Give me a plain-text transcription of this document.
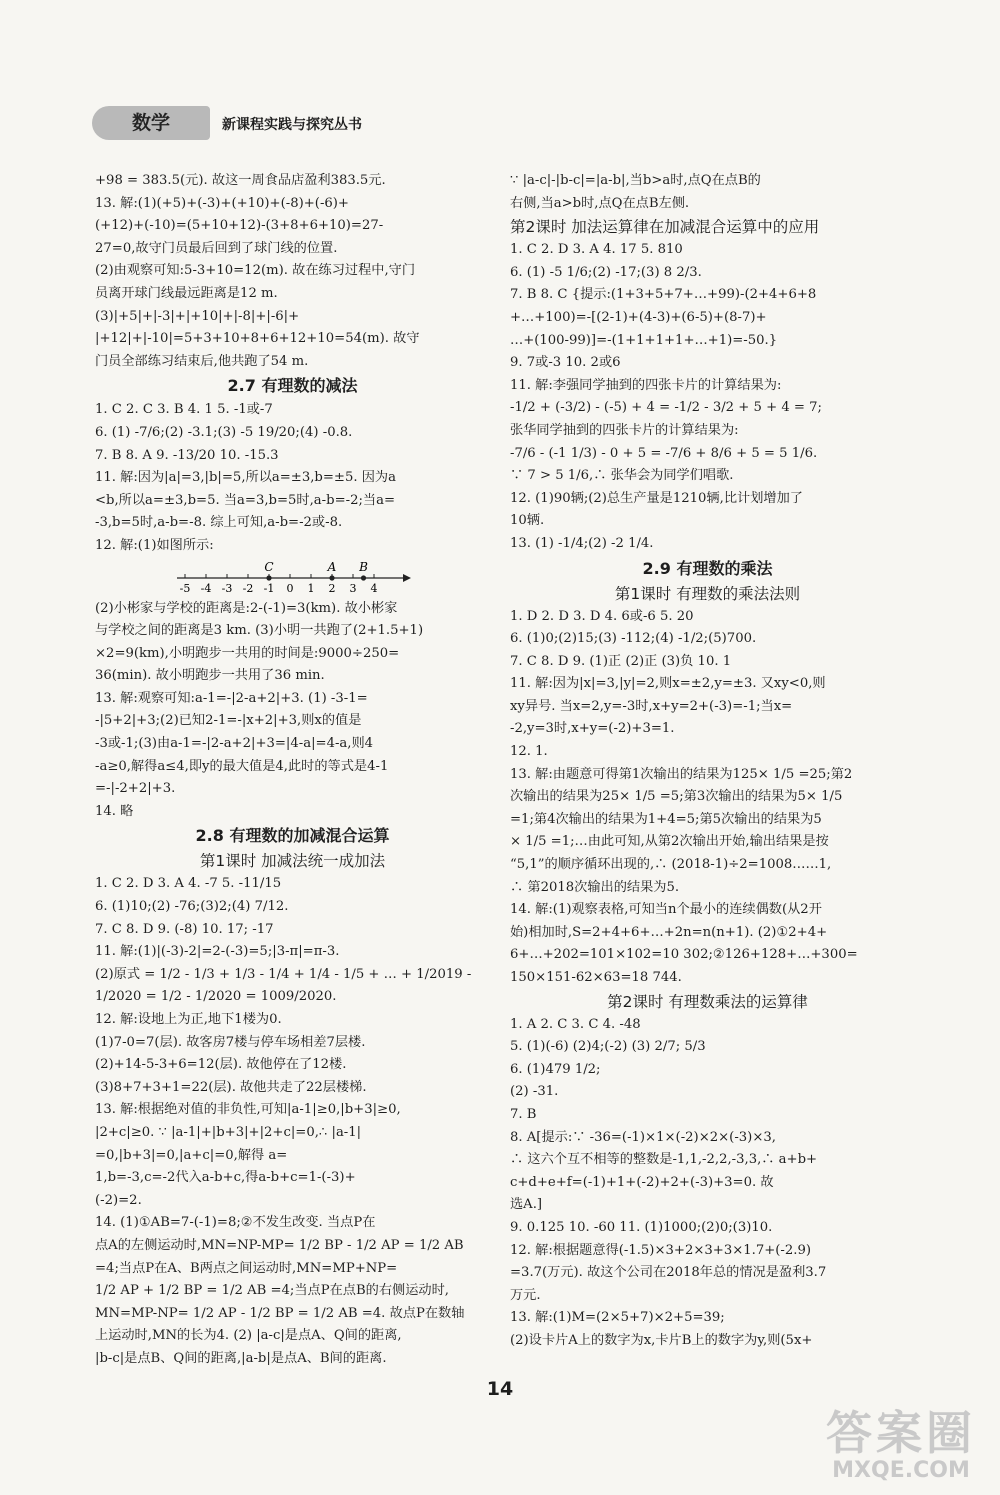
数学	新课程实践与探究丛书
+98 = 383.5(元). 故这一周食品店盈利383.5元.
13. 解:(1)(+5)+(-3)+(+10)+(-8)+(-6)+
(+12)+(-10)=(5+10+12)-(3+8+6+10)=27-
27=0,故守门员最后回到了球门线的位置.
(2)由观察可知:5-3+10=12(m). 故在练习过程中,守门
员离开球门线最远距离是12 m.
(3)|+5|+|-3|+|+10|+|-8|+|-6|+
|+12|+|-10|=5+3+10+8+6+12+10=54(m). 故守
门员全部练习结束后,他共跑了54 m.
2.7 有理数的减法
1. C 2. C 3. B 4. 1 5. -1或-7
6. (1) -7/6;(2) -3.1;(3) -5 19/20;(4) -0.8.
7. B 8. A 9. -13/20 10. -15.3
11. 解:因为|a|=3,|b|=5,所以a=±3,b=±5. 因为a
<b,所以a=±3,b=5. 当a=3,b=5时,a-b=-2;当a=
-3,b=5时,a-b=-8. 综上可知,a-b=-2或-8.
12. 解:(1)如图所示:
-5 -4 -3 -2 -1 0 1 2 3 4
C	A B
(2)小彬家与学校的距离是:2-(-1)=3(km). 故小彬家
与学校之间的距离是3 km. (3)小明一共跑了(2+1.5+1)
×2=9(km),小明跑步一共用的时间是:9000÷250=
36(min). 故小明跑步一共用了36 min.
13. 解:观察可知:a-1=-|2-a+2|+3. (1) -3-1=
-|5+2|+3;(2)已知2-1=-|x+2|+3,则x的值是
-3或-1;(3)由a-1=-|2-a+2|+3=|4-a|=4-a,则4
-a≥0,解得a≤4,即y的最大值是4,此时的等式是4-1
=-|-2+2|+3.
14. 略
2.8 有理数的加减混合运算
第1课时 加减法统一成加法
1. C 2. D 3. A 4. -7 5. -11/15
6. (1)10;(2) -76;(3)2;(4) 7/12.
7. C 8. D 9. (-8) 10. 17; -17
11. 解:(1)|(-3)-2|=2-(-3)=5;|3-π|=π-3.
(2)原式 = 1/2 - 1/3 + 1/3 - 1/4 + 1/4 - 1/5 + … + 1/2019 -
1/2020 = 1/2 - 1/2020 = 1009/2020.
12. 解:设地上为正,地下1楼为0.
(1)7-0=7(层). 故客房7楼与停车场相差7层楼.
(2)+14-5-3+6=12(层). 故他停在了12楼.
(3)8+7+3+1=22(层). 故他共走了22层楼梯.
13. 解:根据绝对值的非负性,可知|a-1|≥0,|b+3|≥0,
|2+c|≥0. ∵ |a-1|+|b+3|+|2+c|=0,∴ |a-1|
=0,|b+3|=0,|a+c|=0,解得 a=
1,b=-3,c=-2代入a-b+c,得a-b+c=1-(-3)+
(-2)=2.
14. (1)①AB=7-(-1)=8;②不发生改变. 当点P在
点A的左侧运动时,MN=NP-MP= 1/2 BP - 1/2 AP = 1/2 AB
=4;当点P在A、B两点之间运动时,MN=MP+NP=
1/2 AP + 1/2 BP = 1/2 AB =4;当点P在点B的右侧运动时,
MN=MP-NP= 1/2 AP - 1/2 BP = 1/2 AB =4. 故点P在数轴
上运动时,MN的长为4. (2) |a-c|是点A、Q间的距离,
|b-c|是点B、Q间的距离,|a-b|是点A、B间的距离.
∵ |a-c|-|b-c|=|a-b|,当b>a时,点Q在点B的
右侧,当a>b时,点Q在点B左侧.
第2课时 加法运算律在加减混合运算中的应用
1. C 2. D 3. A 4. 17 5. 810
6. (1) -5 1/6;(2) -17;(3) 8 2/3.
7. B 8. C {提示:(1+3+5+7+…+99)-(2+4+6+8
+…+100)=-[(2-1)+(4-3)+(6-5)+(8-7)+
…+(100-99)]=-(1+1+1+1+…+1)=-50.}
9. 7或-3 10. 2或6
11. 解:李强同学抽到的四张卡片的计算结果为:
-1/2 + (-3/2) - (-5) + 4 = -1/2 - 3/2 + 5 + 4 = 7;
张华同学抽到的四张卡片的计算结果为:
-7/6 - (-1 1/3) - 0 + 5 = -7/6 + 8/6 + 5 = 5 1/6.
∵ 7 > 5 1/6,∴ 张华会为同学们唱歌.
12. (1)90辆;(2)总生产量是1210辆,比计划增加了
10辆.
13. (1) -1/4;(2) -2 1/4.
2.9 有理数的乘法
第1课时 有理数的乘法法则
1. D 2. D 3. D 4. 6或-6 5. 20
6. (1)0;(2)15;(3) -112;(4) -1/2;(5)700.
7. C 8. D 9. (1)正 (2)正 (3)负 10. 1
11. 解:因为|x|=3,|y|=2,则x=±2,y=±3. 又xy<0,则
xy异号. 当x=2,y=-3时,x+y=2+(-3)=-1;当x=
-2,y=3时,x+y=(-2)+3=1.
12. 1.
13. 解:由题意可得第1次输出的结果为125× 1/5 =25;第2
次输出的结果为25× 1/5 =5;第3次输出的结果为5× 1/5
=1;第4次输出的结果为1+4=5;第5次输出的结果为5
× 1/5 =1;…由此可知,从第2次输出开始,输出结果是按
“5,1”的顺序循环出现的,∴ (2018-1)÷2=1008……1,
∴ 第2018次输出的结果为5.
14. 解:(1)观察表格,可知当n个最小的连续偶数(从2开
始)相加时,S=2+4+6+…+2n=n(n+1). (2)①2+4+
6+…+202=101×102=10 302;②126+128+…+300=
150×151-62×63=18 744.
第2课时 有理数乘法的运算律
1. A 2. C 3. C 4. -48
5. (1)(-6) (2)4;(-2) (3) 2/7; 5/3
6. (1)479 1/2;
(2) -31.
7. B
8. A[提示:∵ -36=(-1)×1×(-2)×2×(-3)×3,
∴ 这六个互不相等的整数是-1,1,-2,2,-3,3,∴ a+b+
c+d+e+f=(-1)+1+(-2)+2+(-3)+3=0. 故
选A.]
9. 0.125 10. -60 11. (1)1000;(2)0;(3)10.
12. 解:根据题意得(-1.5)×3+2×3+3×1.7+(-2.9)
=3.7(万元). 故这个公司在2018年总的情况是盈利3.7
万元.
13. 解:(1)M=(2×5+7)×2+5=39;
(2)设卡片A上的数字为x,卡片B上的数字为y,则(5x+
14
答案圈
MXQE.COM
